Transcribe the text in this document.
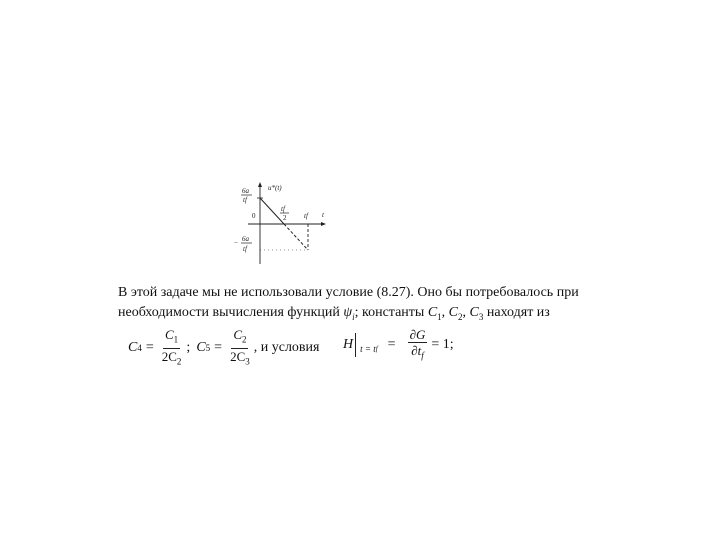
u*(t)
6a
tf
0
tf
2	tf t
− 6a
tf
В этой задаче мы не использовали условие (8.27). Оно бы потребовалось при
необходимости вычисления функций $\psi_i$; константы $C_1$, $C_2$, $C_3$ находят из
C $4 = \frac{C_1}{2C_2}$ ; C $5 = \frac{C_2}{2C_3}$ , и условия H t = t $f = \frac{\partial G}{\partial t_f} = 1$;
